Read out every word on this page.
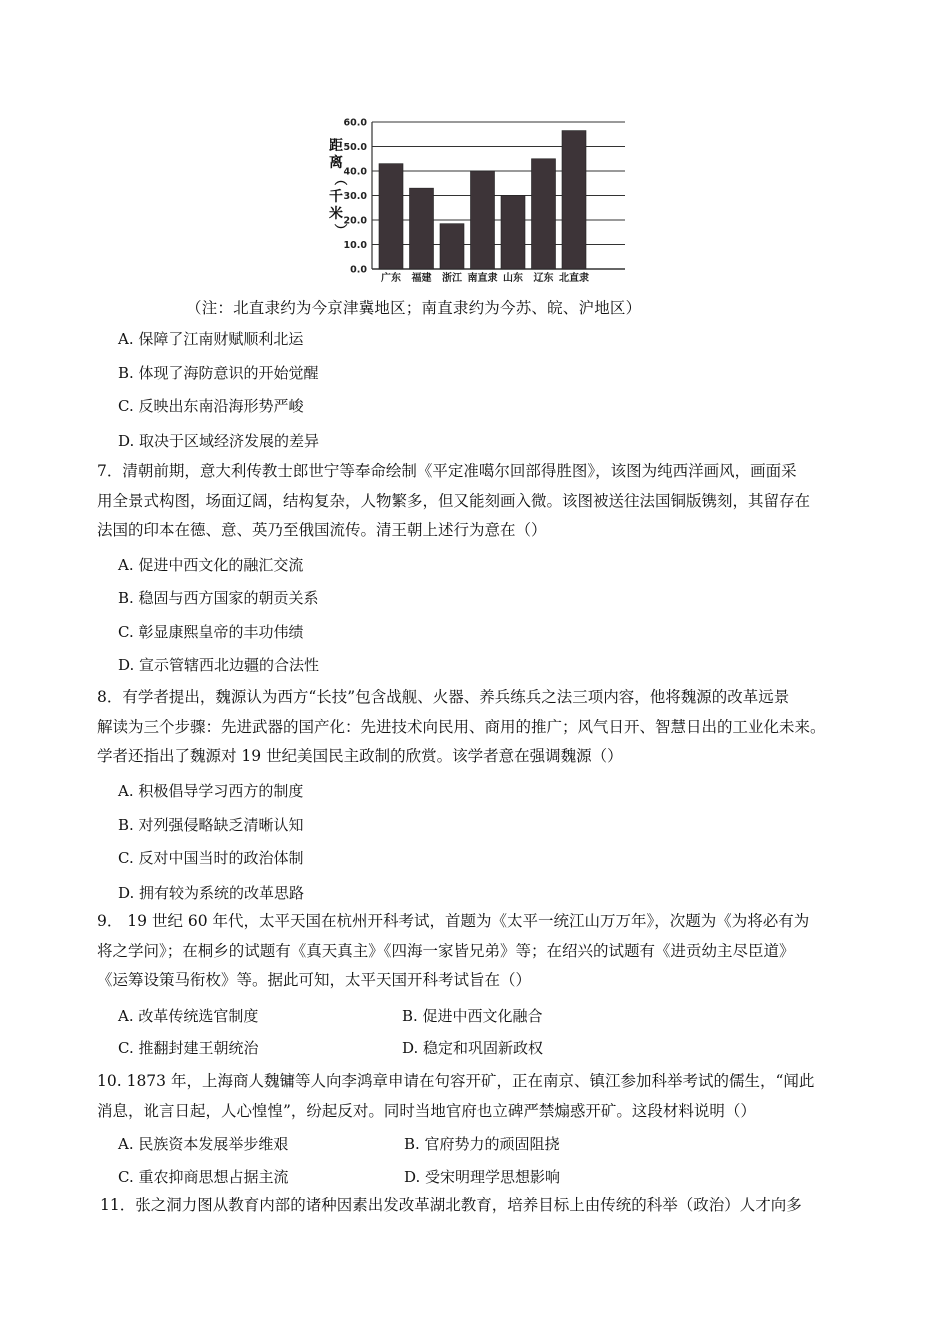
0.0
10.0
20.0
30.0
40.0
50.0
60.0
广东 福建 浙江 南直隶 山东 辽东 北直隶
距
离
（
千
米
）
（注：北直隶约为今京津冀地区；南直隶约为今苏、皖、沪地区）
A. 保障了江南财赋顺利北运
B. 体现了海防意识的开始觉醒
C. 反映出东南沿海形势严峻
D. 取决于区域经济发展的差异
7．清朝前期，意大利传教士郎世宁等奉命绘制《平定准噶尔回部得胜图》，该图为纯西洋画风，画面采
用全景式构图，场面辽阔，结构复杂，人物繁多，但又能刻画入微。该图被送往法国铜版镌刻，其留存在
法国的印本在德、意、英乃至俄国流传。清王朝上述行为意在（）
A. 促进中西文化的融汇交流
B. 稳固与西方国家的朝贡关系
C. 彰显康熙皇帝的丰功伟绩
D. 宣示管辖西北边疆的合法性
8．有学者提出，魏源认为西方“长技”包含战舰、火器、养兵练兵之法三项内容，他将魏源的改革远景
解读为三个步骤：先进武器的国产化：先进技术向民用、商用的推广；风气日开、智慧日出的工业化未来。
学者还指出了魏源对 19 世纪美国民主政制的欣赏。该学者意在强调魏源（）
A. 积极倡导学习西方的制度
B. 对列强侵略缺乏清晰认知
C. 反对中国当时的政治体制
D. 拥有较为系统的改革思路
9． 19 世纪 60 年代，太平天国在杭州开科考试，首题为《太平一统江山万万年》，次题为《为将必有为
将之学问》；在桐乡的试题有《真天真主》《四海一家皆兄弟》等；在绍兴的试题有《进贡幼主尽臣道》
《运筹设策马衔枚》等。据此可知，太平天国开科考试旨在（）
A. 改革传统选官制度	B. 促进中西文化融合
C. 推翻封建王朝统治	D. 稳定和巩固新政权
10. 1873 年，上海商人魏镛等人向李鸿章申请在句容开矿，正在南京、镇江参加科举考试的儒生，“闻此
消息，讹言日起，人心惶惶”，纷起反对。同时当地官府也立碑严禁煽惑开矿。这段材料说明（）
A. 民族资本发展举步维艰	B. 官府势力的顽固阻挠
C. 重农抑商思想占据主流	D. 受宋明理学思想影响
11．张之洞力图从教育内部的诸种因素出发改革湖北教育，培养目标上由传统的科举（政治）人才向多
